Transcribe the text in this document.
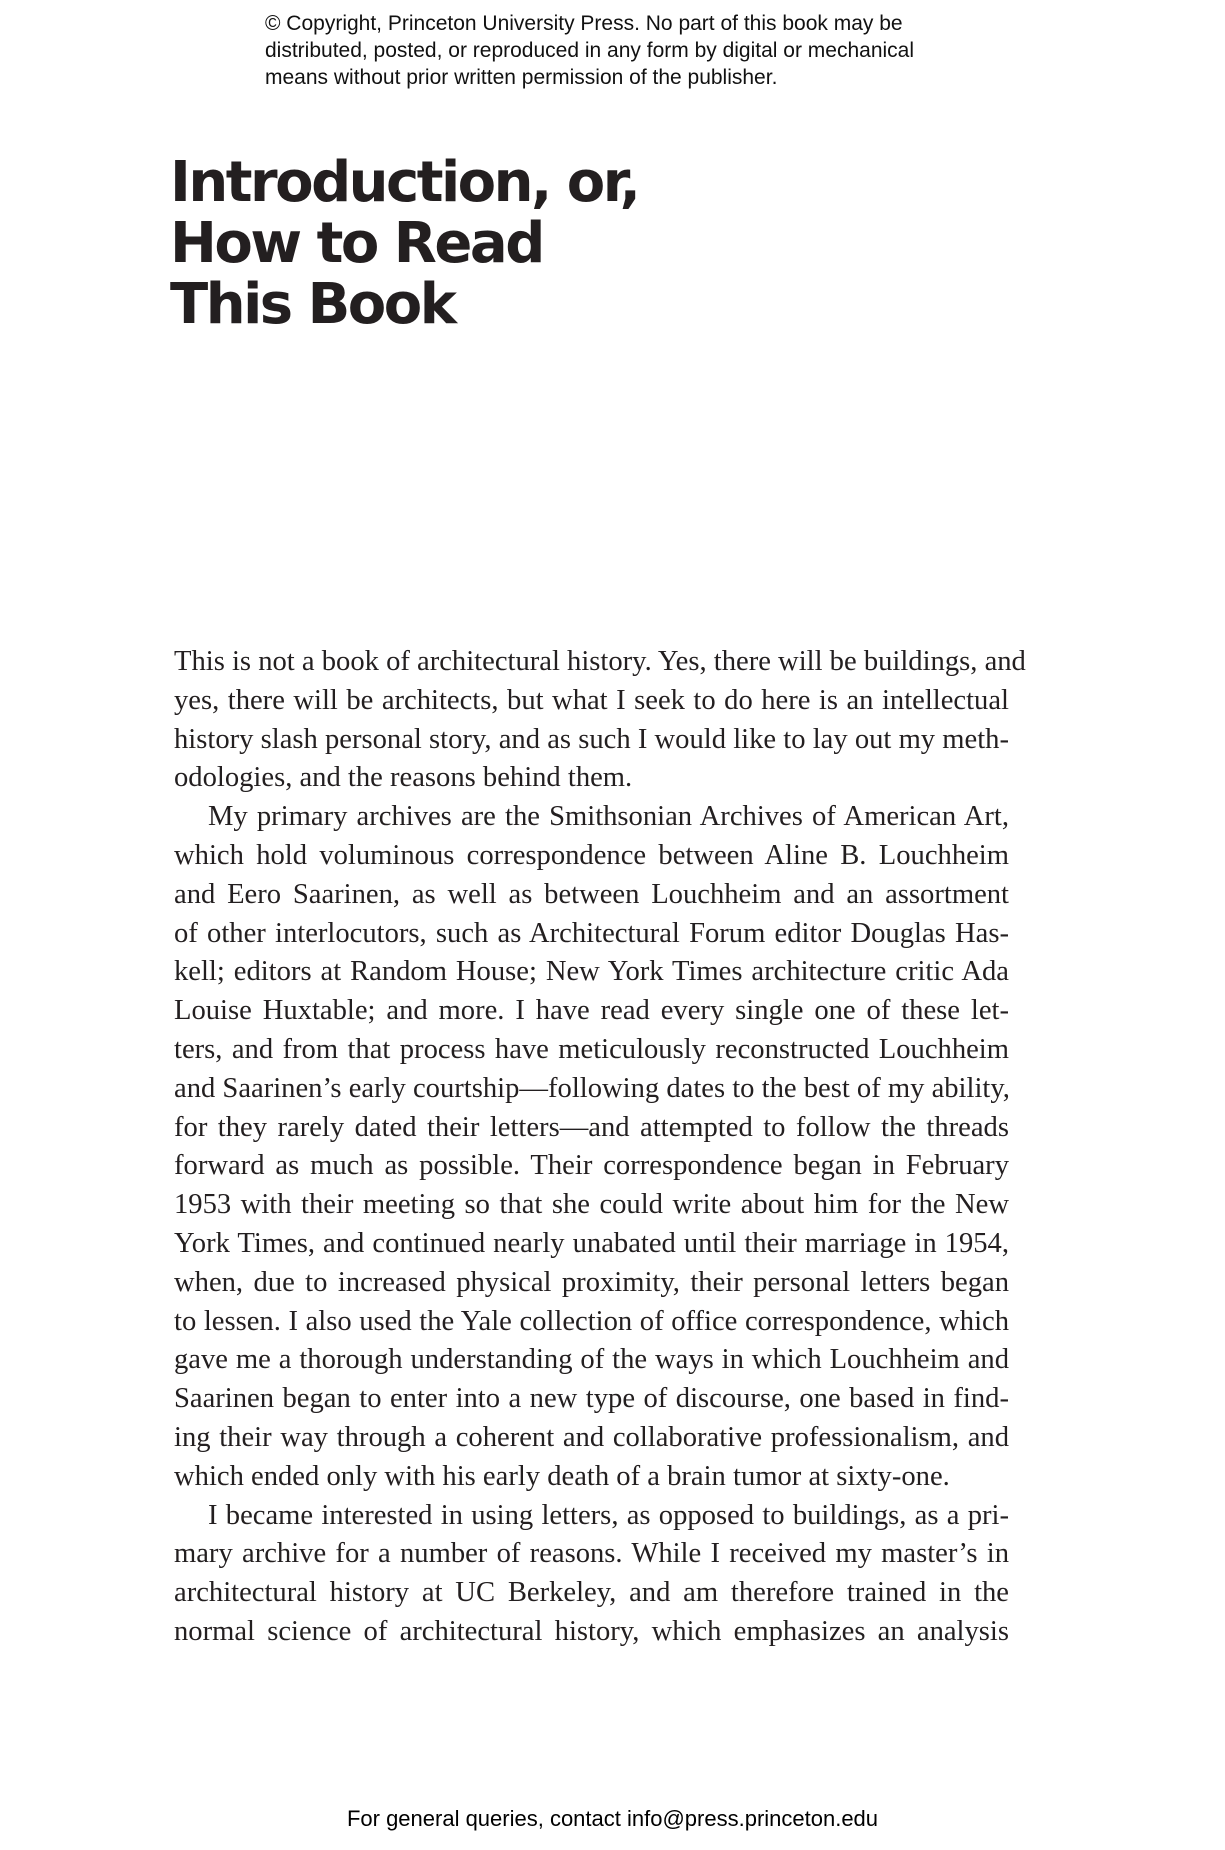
© Copyright, Princeton University Press. No part of this book may be
distributed, posted, or reproduced in any form by digital or mechanical
means without prior written permission of the publisher.
Introduction, or,
How to Read
This Book
This is not a book of architectural history. Yes, there will be buildings, and
yes, there will be architects, but what I seek to do here is an intellectual
history slash personal story, and as such I would like to lay out my meth-
odologies, and the reasons behind them.
My primary archives are the Smithsonian Archives of American Art,
which hold voluminous correspondence between Aline B. Louchheim
and Eero Saarinen, as well as between Louchheim and an assortment
of other interlocutors, such as Architectural Forum editor Douglas Has-
kell; editors at Random House; New York Times architecture critic Ada
Louise Huxtable; and more. I have read every single one of these let-
ters, and from that process have meticulously reconstructed Louchheim
and Saarinen’s early courtship—following dates to the best of my ability,
for they rarely dated their letters—and attempted to follow the threads
forward as much as possible. Their correspondence began in February
1953 with their meeting so that she could write about him for the New
York Times, and continued nearly unabated until their marriage in 1954,
when, due to increased physical proximity, their personal letters began
to lessen. I also used the Yale collection of office correspondence, which
gave me a thorough understanding of the ways in which Louchheim and
Saarinen began to enter into a new type of discourse, one based in find-
ing their way through a coherent and collaborative professionalism, and
which ended only with his early death of a brain tumor at sixty-one.
I became interested in using letters, as opposed to buildings, as a pri-
mary archive for a number of reasons. While I received my master’s in
architectural history at UC Berkeley, and am therefore trained in the
normal science of architectural history, which emphasizes an analysis
For general queries, contact info@press.princeton.edu
